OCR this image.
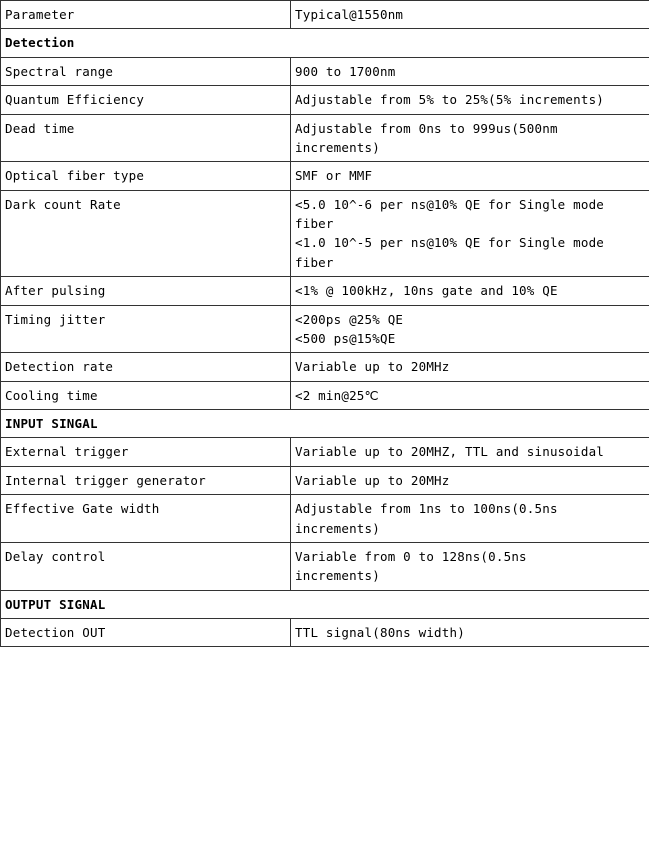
Parameter	Typical@1550nm
Detection	
Spectral range	900 to 1700nm

Quantum Efficiency	Adjustable from 5% to 25%(5% increments)

Dead time	Adjustable from 0ns to 999us(500nm
increments)

Optical fiber type	SMF or MMF

Dark count Rate	<5.0 10^-6 per ns@10% QE for Single mode
fiber
<1.0 10^-5 per ns@10% QE for Single mode
fiber

After pulsing	<1% @ 100kHz, 10ns gate and 10% QE

Timing jitter	<200ps @25% QE
<500 ps@15%QE

Detection rate	Variable up to 20MHz

Cooling time	<2 min@25℃

INPUT SINGAL	
External trigger	Variable up to 20MHZ, TTL and sinusoidal

Internal trigger generator	Variable up to 20MHz

Effective Gate width	Adjustable from 1ns to 100ns(0.5ns
increments)

Delay control	Variable from 0 to 128ns(0.5ns
increments)

OUTPUT SIGNAL	
Detection OUT	TTL signal(80ns width)
